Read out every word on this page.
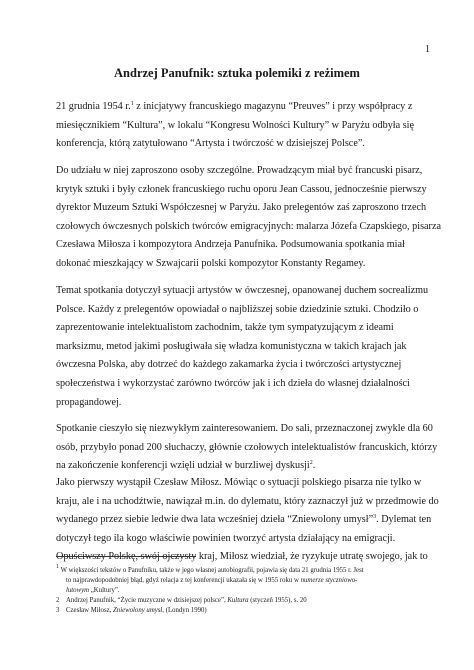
1
Andrzej Panufnik: sztuka polemiki z reżimem
21 grudnia 1954 r.$^1$ z inicjatywy francuskiego magazynu “Preuves” i przy współpracy z
miesięcznikiem “Kultura”, w lokalu “Kongresu Wolności Kultury” w Paryżu odbyła się
konferencja, którą zatytułowano “Artysta i twórczość w dzisiejszej Polsce”.
Do udziału w niej zaproszono osoby szczególne. Prowadzącym miał być francuski pisarz,
krytyk sztuki i były członek francuskiego ruchu oporu Jean Cassou, jednocześnie pierwszy
dyrektor Muzeum Sztuki Współczesnej w Paryżu. Jako prelegentów zaś zaproszono trzech
czołowych ówczesnych polskich twórców emigracyjnych: malarza Józefa Czapskiego, pisarza
Czesława Miłosza i kompozytora Andrzeja Panufnika. Podsumowania spotkania miał
dokonać mieszkający w Szwajcarii polski kompozytor Konstanty Regamey.
Temat spotkania dotyczył sytuacji artystów w ówczesnej, opanowanej duchem socrealizmu
Polsce. Każdy z prelegentów opowiadał o najbliższej sobie dziedzinie sztuki. Chodziło o
zaprezentowanie intelektualistom zachodnim, także tym sympatyzującym z ideami
marksizmu, metod jakimi posługiwała się władza komunistyczna w takich krajach jak
ówczesna Polska, aby dotrzeć do każdego zakamarka życia i twórczości artystycznej
społeczeństwa i wykorzystać zarówno twórców jak i ich dzieła do własnej działalności
propagandowej.
Spotkanie cieszyło się niezwykłym zainteresowaniem. Do sali, przeznaczonej zwykle dla 60
osób, przybyło ponad 200 słuchaczy, głównie czołowych intelektualistów francuskich, którzy
na zakończenie konferencji wzięli udział w burzliwej dyskusji$^2$.
Jako pierwszy wystąpił Czesław Miłosz. Mówiąc o sytuacji polskiego pisarza nie tylko w
kraju, ale i na uchodźtwie, nawiązał m.in. do dylematu, który zaznaczył już w przedmowie do
wydanego przez siebie ledwie dwa lata wcześniej dzieła “Zniewolony umysł”$^3$. Dylemat ten
dotyczył tego ila kogo właściwie powinien tworzyć artysta działający na emigracji.
Opuściwszy Polskę, swój ojczysty kraj, Miłosz wiedział, że ryzykuje utratę swojego, jak to
$^1$ W większości tekstów o Panufniku, także w jego własnej autobiografii, pojawia się data 21 grudnia 1955 r. Jest
to najprawdopodobniej błąd, gdyż relacja z tej konferencji ukazała się w 1955 roku w numerze styczniowo-
lutowym „Kultury”.
2 Andrzej Panufnik, “Życie muzyczne w dzisiejszej polsce”, Kultura (styczeń 1955), s. 20
3 Czesław Miłosz, Zniewolony umysł, (Londyn 1990)
